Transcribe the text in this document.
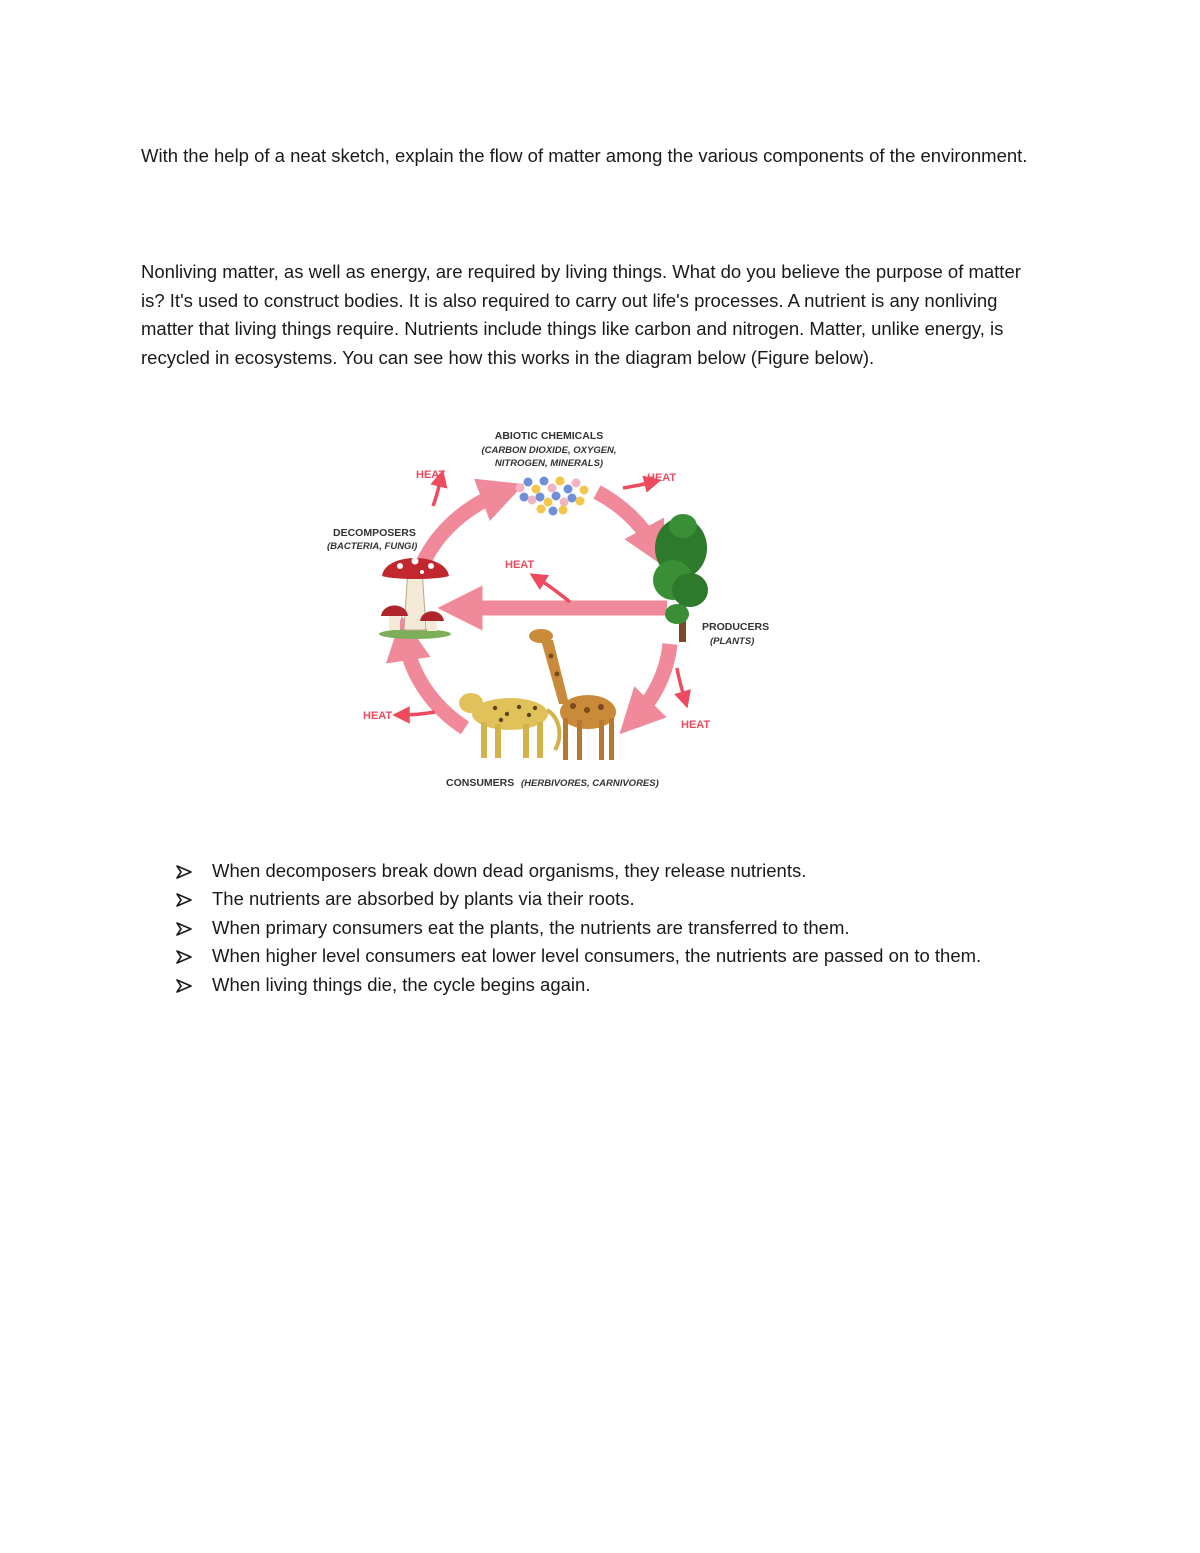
With the help of a neat sketch, explain the flow of matter among the various components of the environment.

Nonliving matter, as well as energy, are required by living things. What do you believe the purpose of matter is? It's used to construct bodies. It is also required to carry out life's processes. A nutrient is any nonliving matter that living things require. Nutrients include things like carbon and nitrogen. Matter, unlike energy, is recycled in ecosystems. You can see how this works in the diagram below (Figure below).

ABIOTIC CHEMICALS
(CARBON DIOXIDE, OXYGEN,
NITROGEN, MINERALS)
DECOMPOSERS
(BACTERIA, FUNGI)
PRODUCERS
(PLANTS)
CONSUMERS (HERBIVORES, CARNIVORES)
HEAT	HEAT
HEAT
HEAT
HEAT
When decomposers break down dead organisms, they release nutrients.
The nutrients are absorbed by plants via their roots.
When primary consumers eat the plants, the nutrients are transferred to them.
When higher level consumers eat lower level consumers, the nutrients are passed on to them.
When living things die, the cycle begins again.
